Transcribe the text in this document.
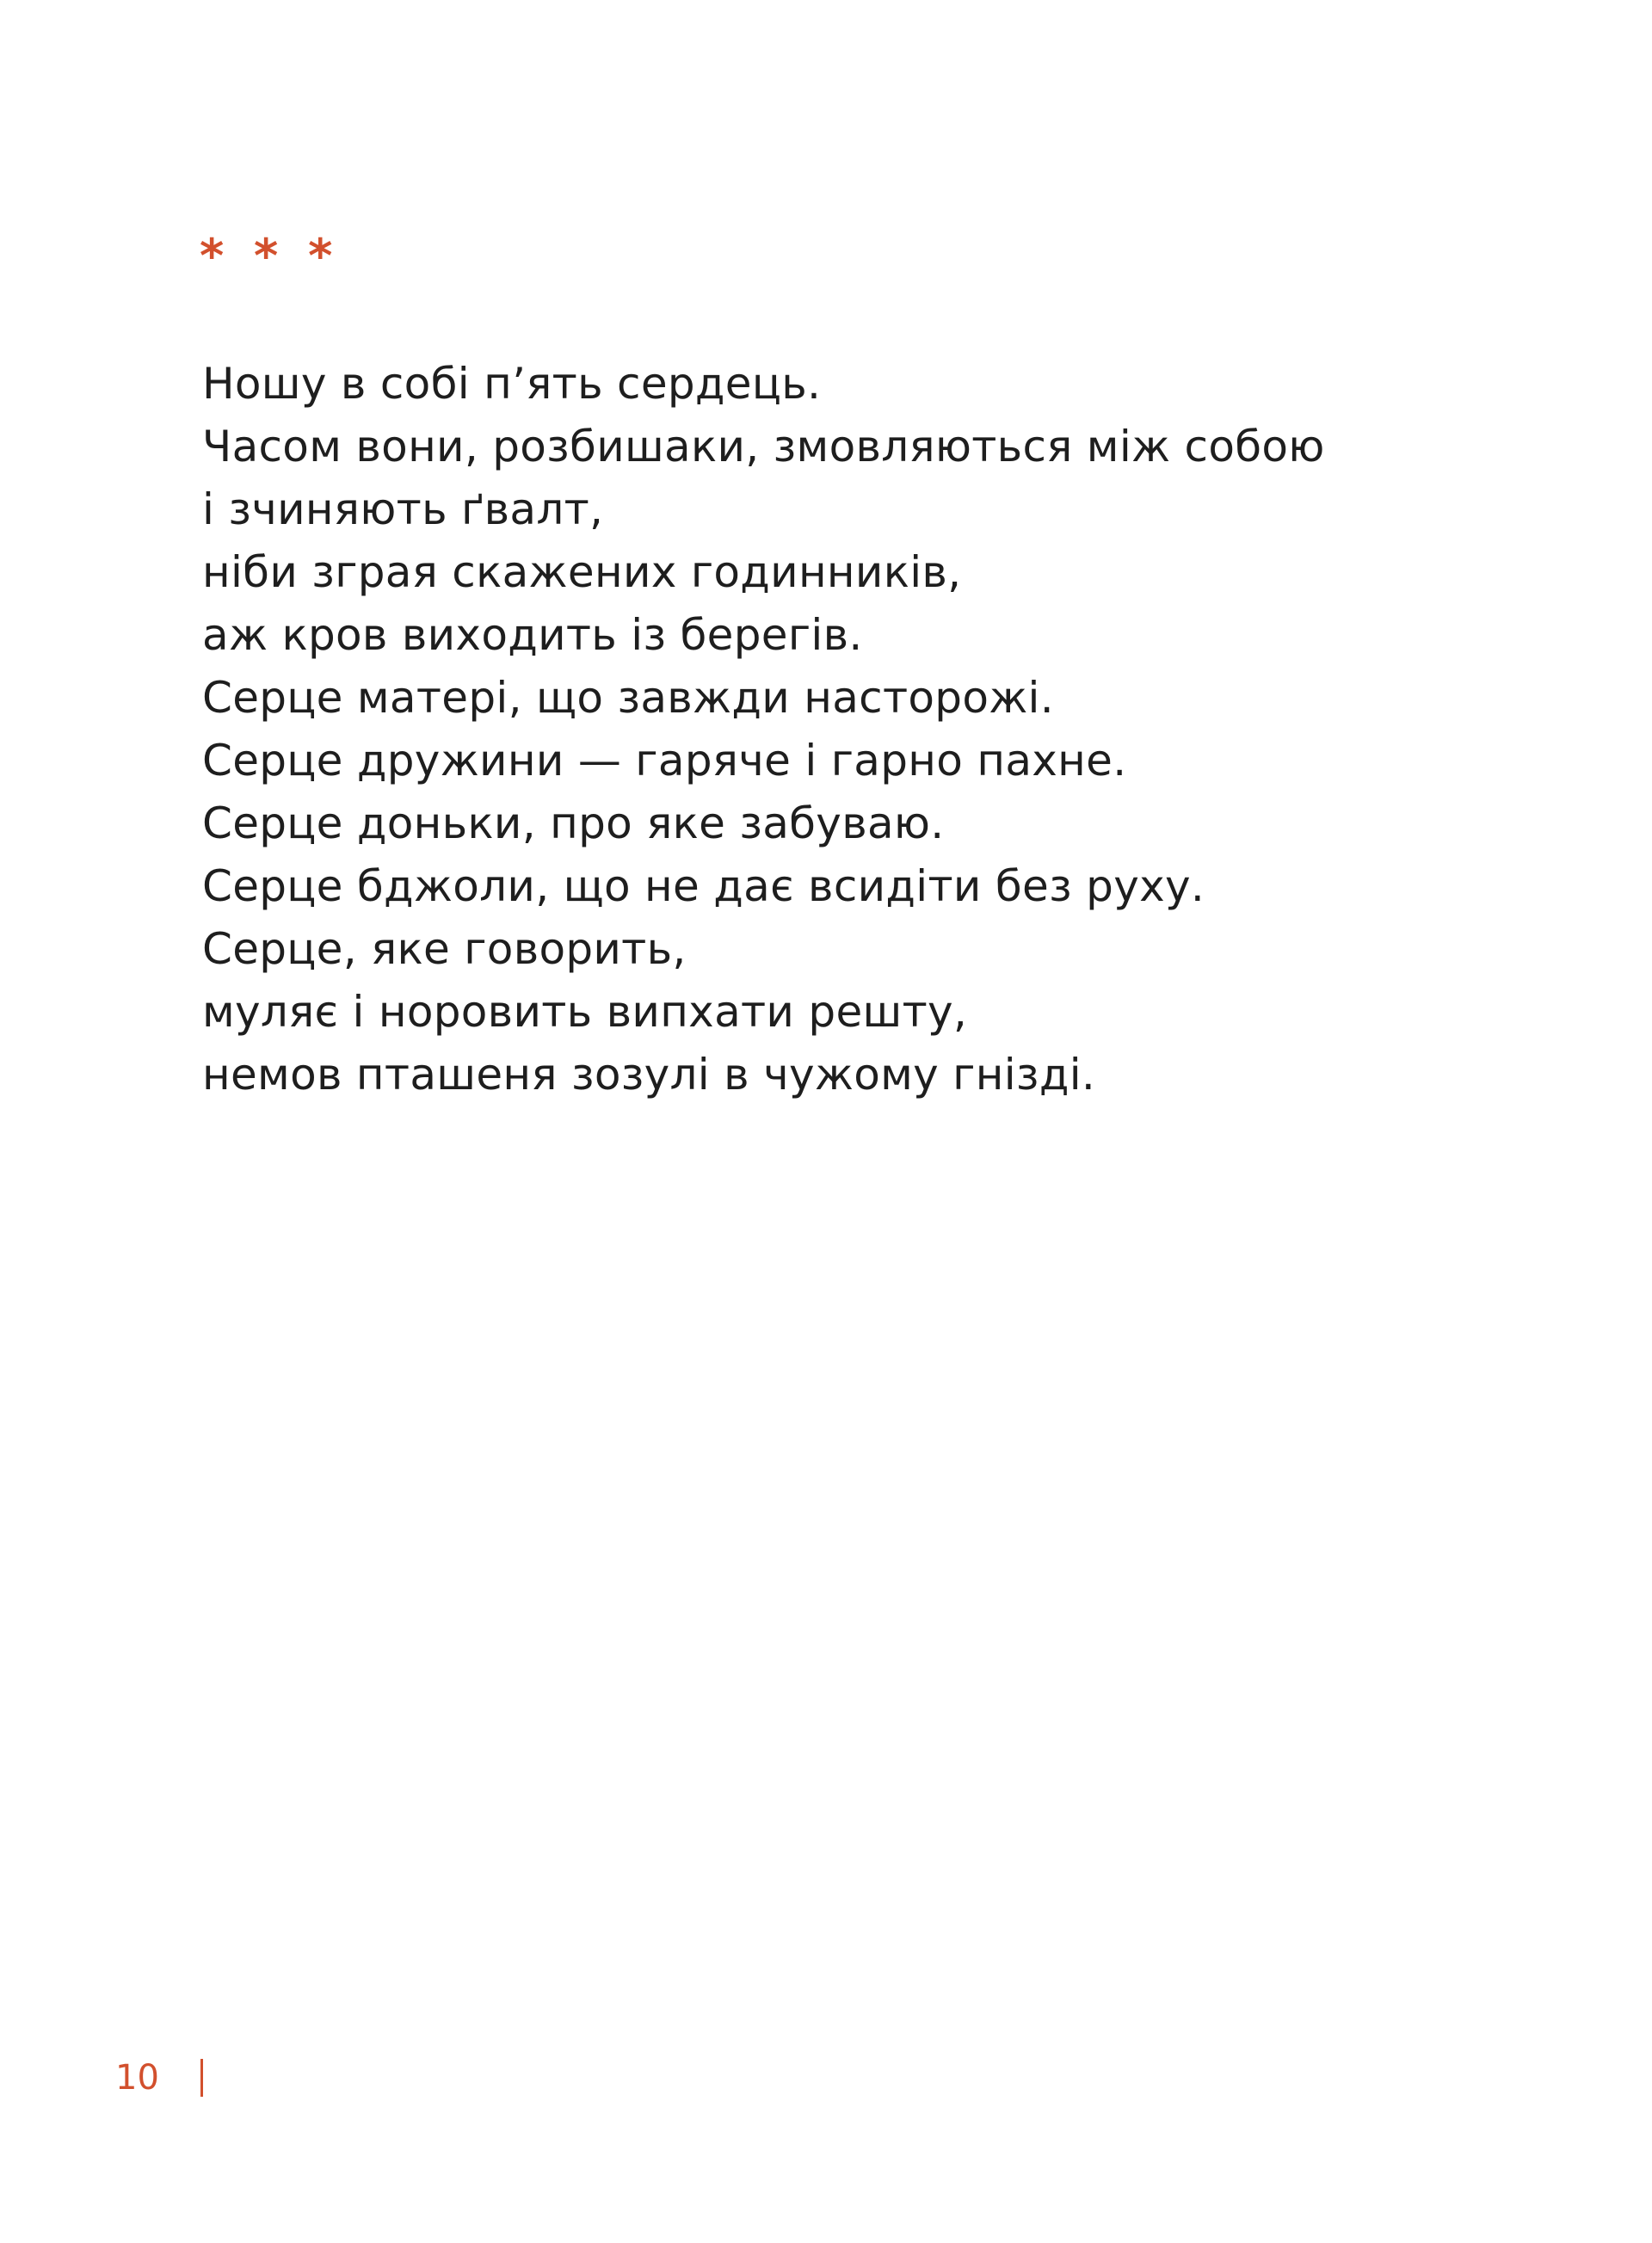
* * *
Ношу в собі п’ять сердець.
Часом вони, розбишаки, змовляються між собою
і зчиняють ґвалт,
ніби зграя скажених годинників,
аж кров виходить із берегів.
Серце матері, що завжди насторожі.
Серце дружини — гаряче і гарно пахне.
Серце доньки, про яке забуваю.
Серце бджоли, що не дає всидіти без руху.
Серце, яке говорить,
муляє і норовить випхати решту,
немов пташеня зозулі в чужому гнізді.
10
